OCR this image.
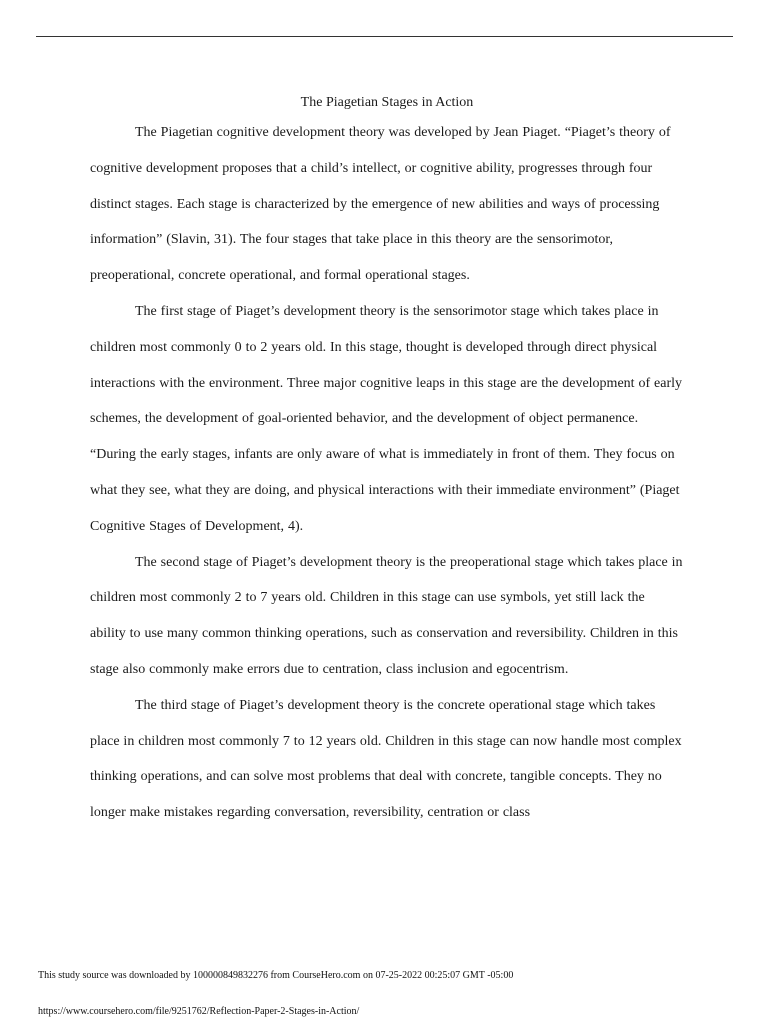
The Piagetian Stages in Action

The Piagetian cognitive development theory was developed by Jean Piaget. “Piaget’s theory of cognitive development proposes that a child’s intellect, or cognitive ability, progresses through four distinct stages. Each stage is characterized by the emergence of new abilities and ways of processing information” (Slavin, 31). The four stages that take place in this theory are the sensorimotor, preoperational, concrete operational, and formal operational stages.

The first stage of Piaget’s development theory is the sensorimotor stage which takes place in children most commonly 0 to 2 years old. In this stage, thought is developed through direct physical interactions with the environment. Three major cognitive leaps in this stage are the development of early schemes, the development of goal-oriented behavior, and the development of object permanence. “During the early stages, infants are only aware of what is immediately in front of them. They focus on what they see, what they are doing, and physical interactions with their immediate environment” (Piaget Cognitive Stages of Development, 4).

The second stage of Piaget’s development theory is the preoperational stage which takes place in children most commonly 2 to 7 years old. Children in this stage can use symbols, yet still lack the ability to use many common thinking operations, such as conservation and reversibility. Children in this stage also commonly make errors due to centration, class inclusion and egocentrism.

The third stage of Piaget’s development theory is the concrete operational stage which takes place in children most commonly 7 to 12 years old. Children in this stage can now handle most complex thinking operations, and can solve most problems that deal with concrete, tangible concepts. They no longer make mistakes regarding conversation, reversibility, centration or class

This study source was downloaded by 100000849832276 from CourseHero.com on 07-25-2022 00:25:07 GMT -05:00
https://www.coursehero.com/file/9251762/Reflection-Paper-2-Stages-in-Action/
